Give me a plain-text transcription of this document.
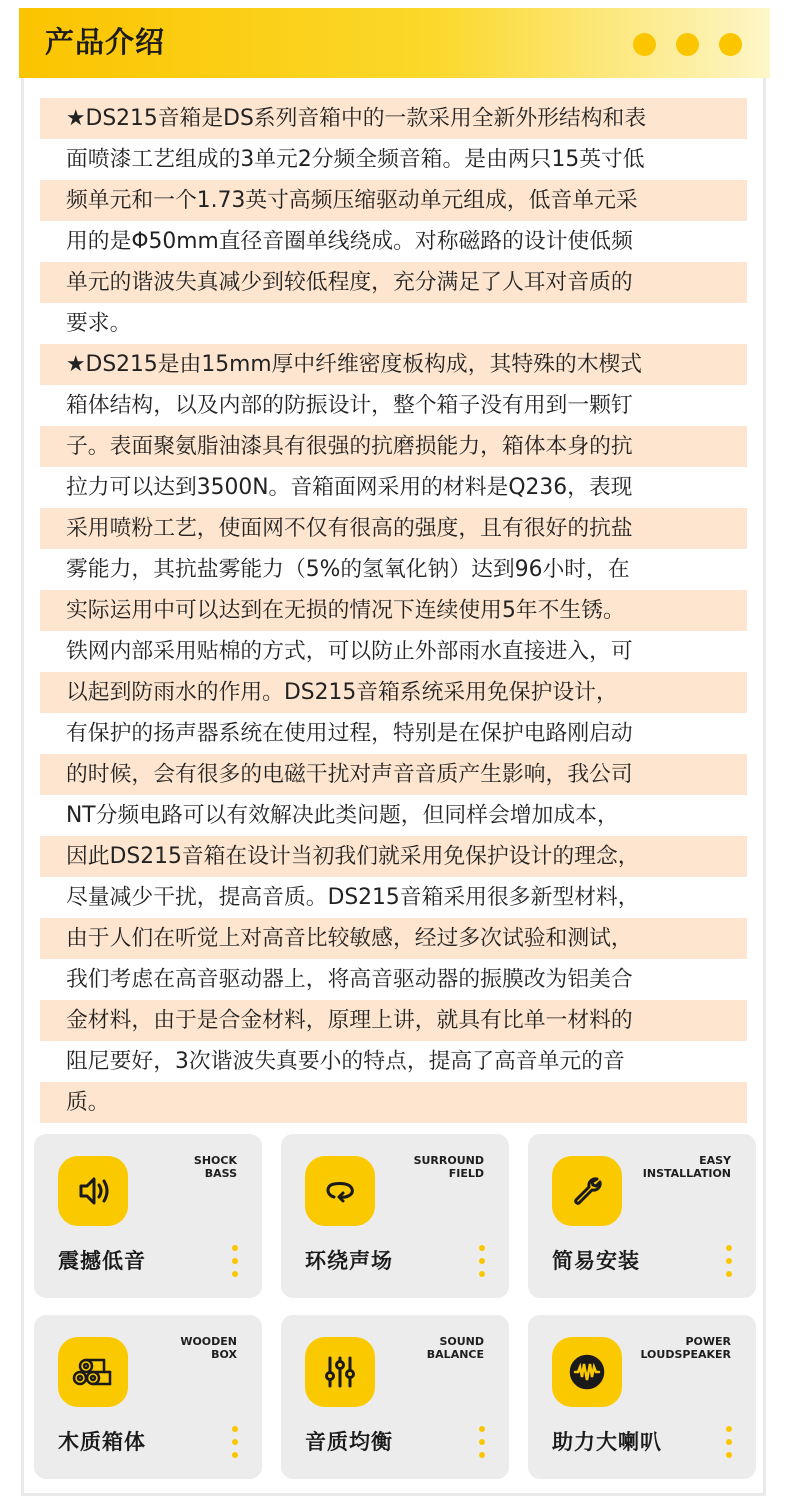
产品介绍
★DS215音箱是DS系列音箱中的一款采用全新外形结构和表
面喷漆工艺组成的3单元2分频全频音箱。是由两只15英寸低
频单元和一个1.73英寸高频压缩驱动单元组成，低音单元采
用的是Φ50mm直径音圈单线绕成。对称磁路的设计使低频
单元的谐波失真减少到较低程度，充分满足了人耳对音质的
要求。
★DS215是由15mm厚中纤维密度板构成，其特殊的木楔式
箱体结构，以及内部的防振设计，整个箱子没有用到一颗钉
子。表面聚氨脂油漆具有很强的抗磨损能力，箱体本身的抗
拉力可以达到3500N。音箱面网采用的材料是Q236，表现
采用喷粉工艺，使面网不仅有很高的强度，且有很好的抗盐
雾能力，其抗盐雾能力（5%的氢氧化钠）达到96小时，在
实际运用中可以达到在无损的情况下连续使用5年不生锈。
铁网内部采用贴棉的方式，可以防止外部雨水直接进入，可
以起到防雨水的作用。DS215音箱系统采用免保护设计，
有保护的扬声器系统在使用过程，特别是在保护电路刚启动
的时候，会有很多的电磁干扰对声音音质产生影响，我公司
NT分频电路可以有效解决此类问题，但同样会增加成本，
因此DS215音箱在设计当初我们就采用免保护设计的理念，
尽量减少干扰，提高音质。DS215音箱采用很多新型材料，
由于人们在听觉上对高音比较敏感，经过多次试验和测试，
我们考虑在高音驱动器上，将高音驱动器的振膜改为铝美合
金材料，由于是合金材料，原理上讲，就具有比单一材料的
阻尼要好，3次谐波失真要小的特点，提高了高音单元的音
质。
SHOCK
BASS
震撼低音
SURROUND
FIELD
环绕声场
EASY
INSTALLATION
简易安装
WOODEN
BOX
木质箱体
SOUND
BALANCE
音质均衡
POWER
LOUDSPEAKER
助力大喇叭
